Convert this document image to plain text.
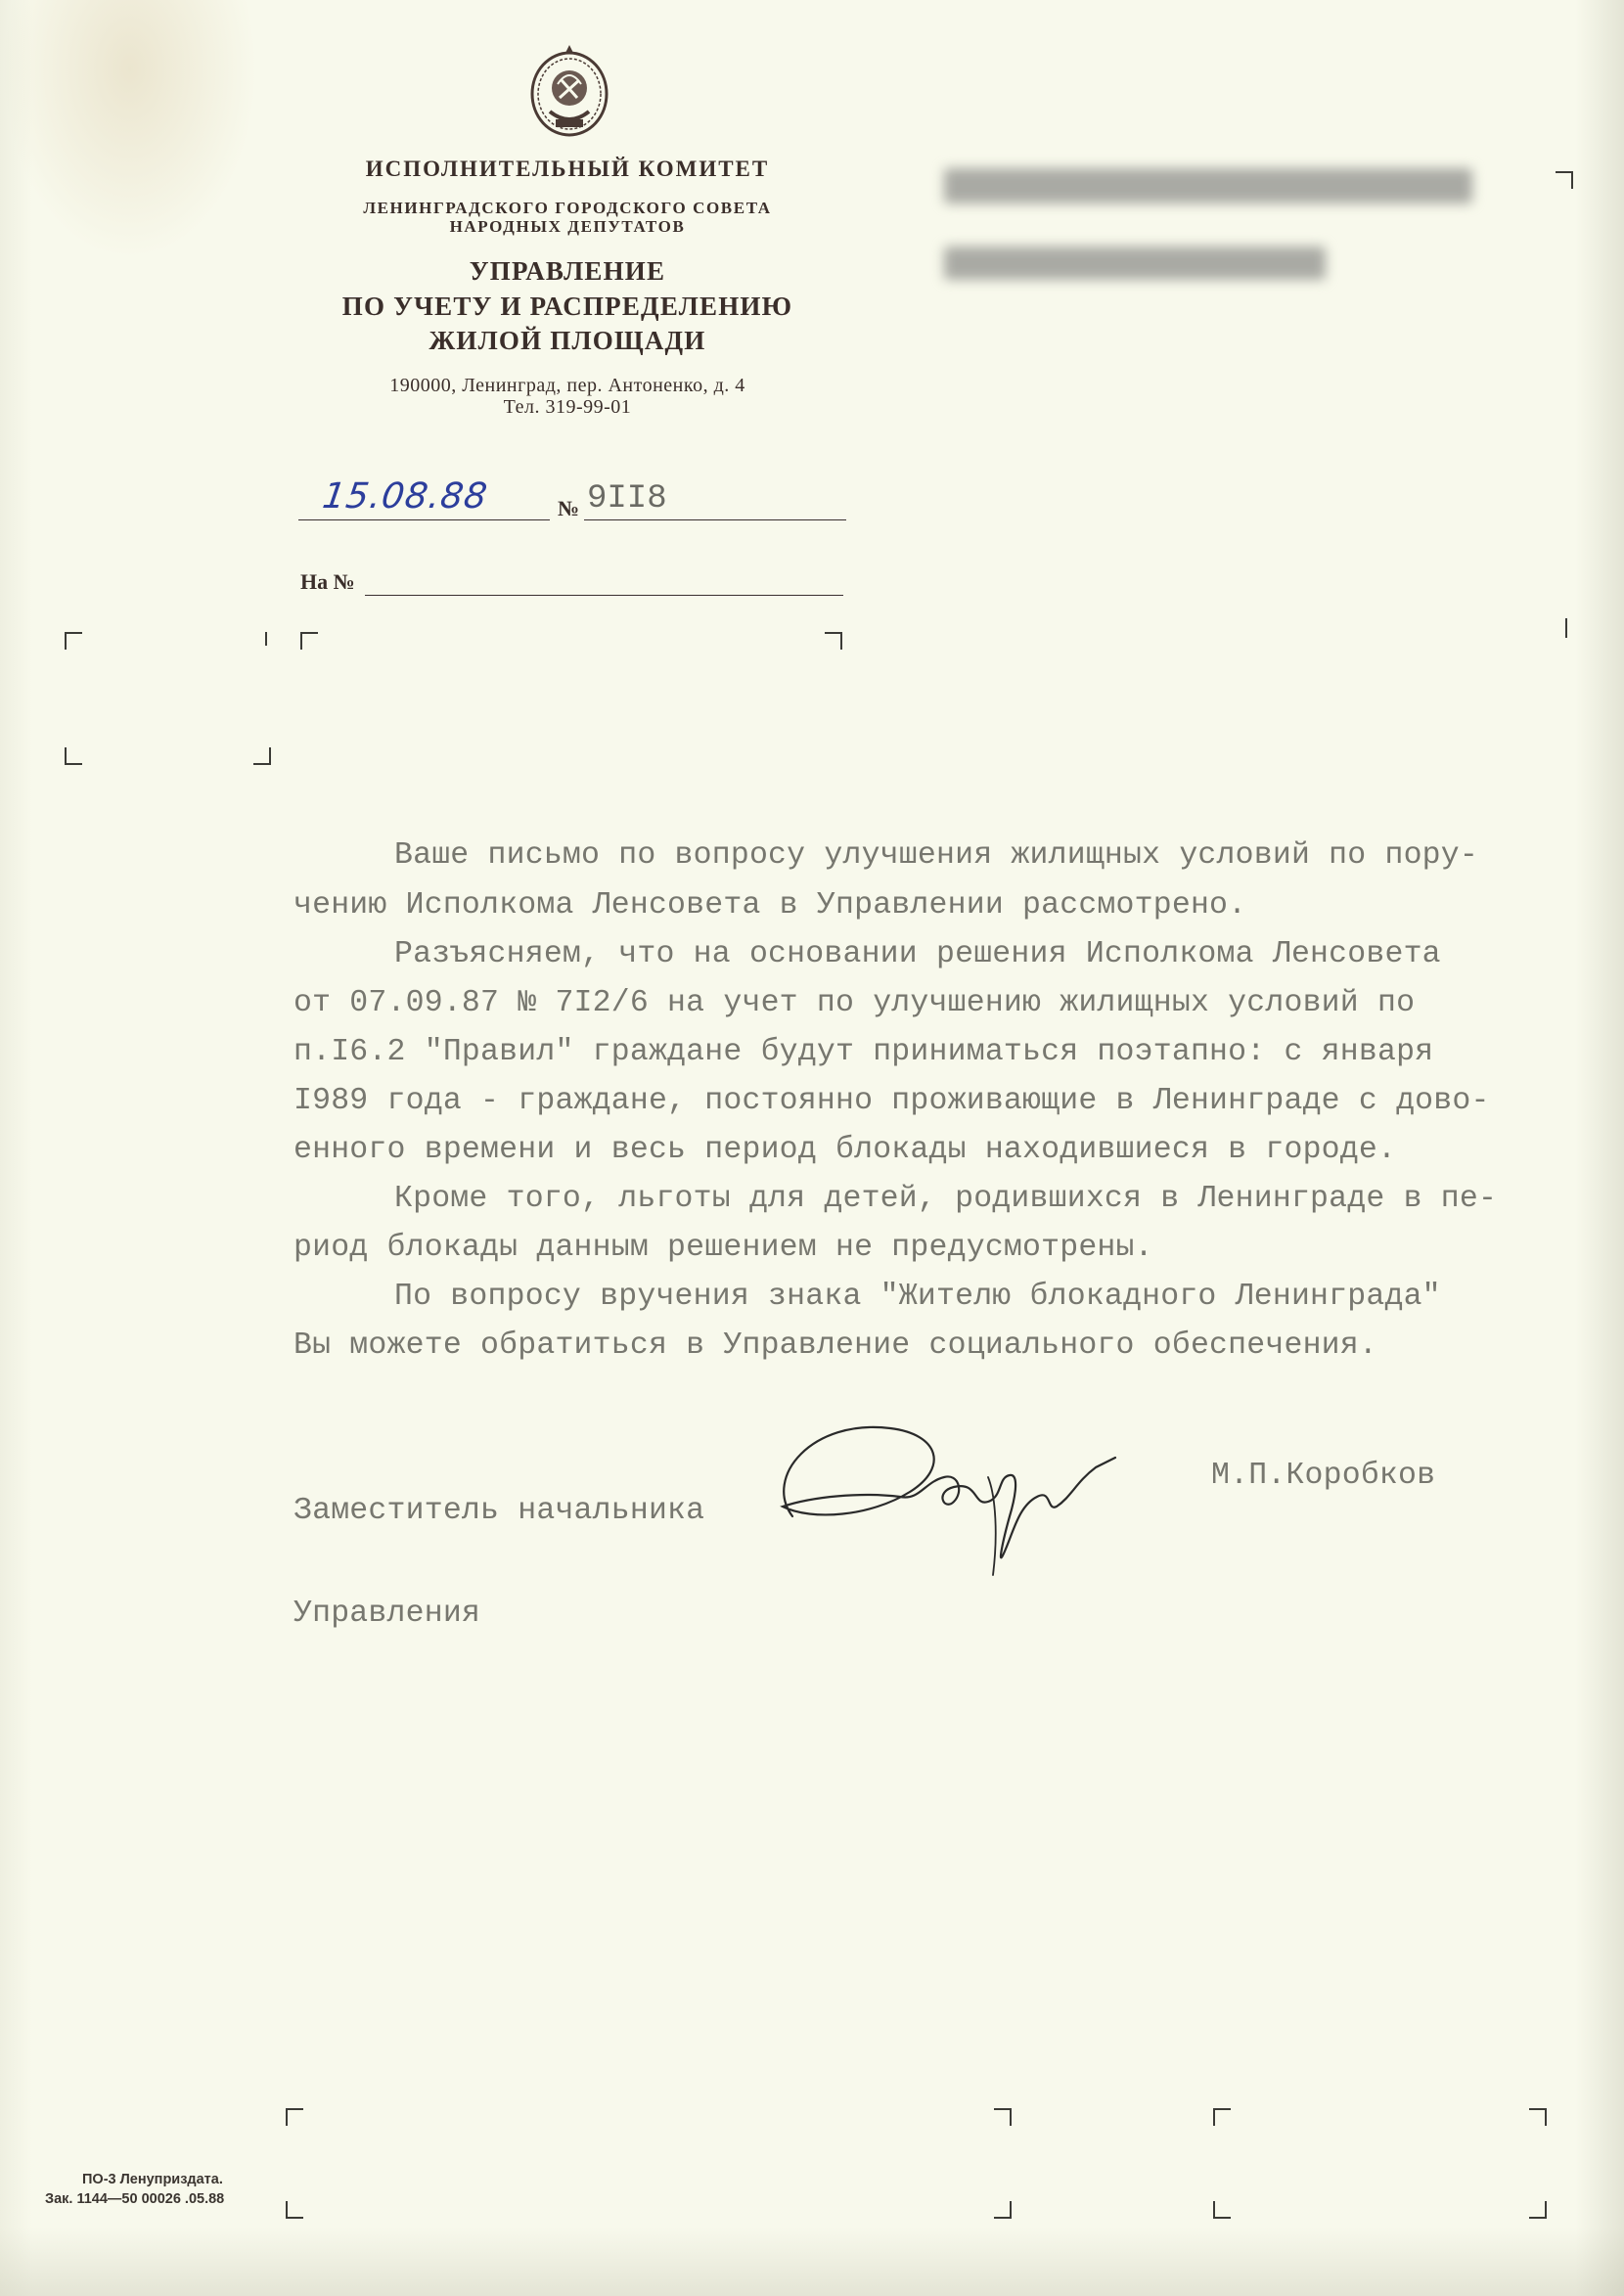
ИСПОЛНИТЕЛЬНЫЙ КОМИТЕТ
ЛЕНИНГРАДСКОГО ГОРОДСКОГО СОВЕТА
НАРОДНЫХ ДЕПУТАТОВ
УПРАВЛЕНИЕ
ПО УЧЕТУ И РАСПРЕДЕЛЕНИЮ
ЖИЛОЙ ПЛОЩАДИ
190000, Ленинград, пер. Антоненко, д. 4
Тел. 319-99-01
15.08.88	№ 9II8
На №

Ваше письмо по вопросу улучшения жилищных условий по пору-

чению Исполкома Ленсовета в Управлении рассмотрено.

Разъясняем, что на основании решения Исполкома Ленсовета

от 07.09.87 № 7I2/6 на учет по улучшению жилищных условий по

п.I6.2 "Правил" граждане будут приниматься поэтапно: с января

I989 года - граждане, постоянно проживающие в Ленинграде с дово-

енного времени и весь период блокады находившиеся в городе.

Кроме того, льготы для детей, родившихся в Ленинграде в пе-

риод блокады данным решением не предусмотрены.

По вопросу вручения знака "Жителю блокадного Ленинграда"

Вы можете обратиться в Управление социального обеспечения.

Заместитель начальника

Управления

М.П.Коробков
ПО-3 Ленуприздата.
Зак. 1144—50 00026 .05.88
